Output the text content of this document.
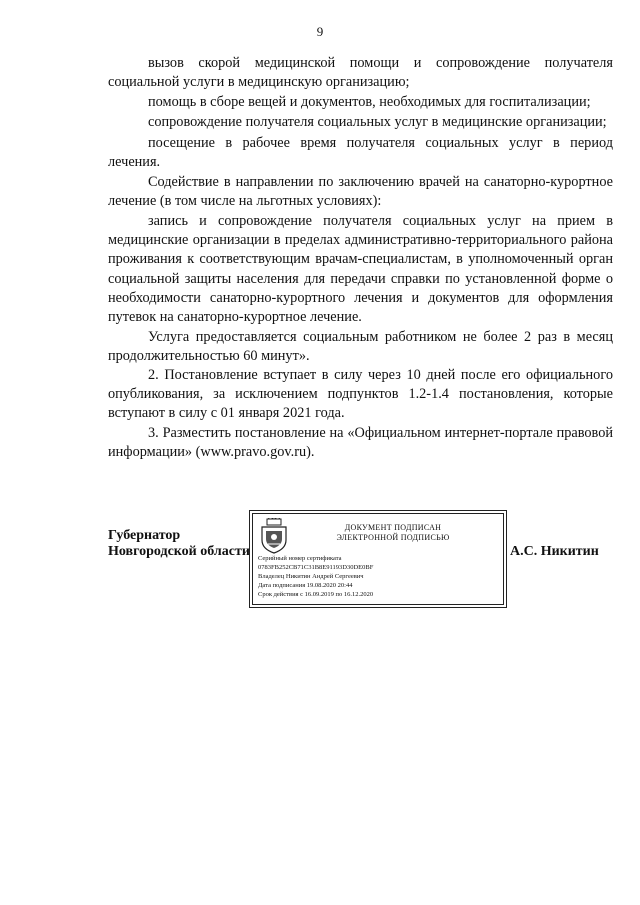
9

вызов скорой медицинской помощи и сопровождение получателя социальной услуги в медицинскую организацию;

помощь в сборе вещей и документов, необходимых для госпитализации;

сопровождение получателя социальных услуг в медицинские организации;

посещение в рабочее время получателя социальных услуг в период лечения.

Содействие в направлении по заключению врачей на санаторно-курортное лечение (в том числе на льготных условиях):

запись и сопровождение получателя социальных услуг на прием в медицинские организации в пределах административно-территориального района проживания к соответствующим врачам-специалистам, в уполномоченный орган социальной защиты населения для передачи справки по установленной форме о необходимости санаторно-курортного лечения и документов для оформления путевок на санаторно-курортное лечение.

Услуга предоставляется социальным работником не более 2 раз в месяц продолжительностью 60 минут».

2. Постановление вступает в силу через 10 дней после его официального опубликования, за исключением подпунктов 1.2-1.4 постановления, которые вступают в силу с 01 января 2021 года.

3. Разместить постановление на «Официальном интернет-портале правовой информации» (www.pravo.gov.ru).

Губернатор
Новгородской области
ДОКУМЕНТ ПОДПИСАН
ЭЛЕКТРОННОЙ ПОДПИСЬЮ
Серийный номер сертификата
0783FB252CB71C31B8E91193D30DE0BF
Владелец Никитин Андрей Сергеевич
Дата подписания 19.08.2020 20:44
Срок действия с 16.09.2019 по 16.12.2020
А.С. Никитин
